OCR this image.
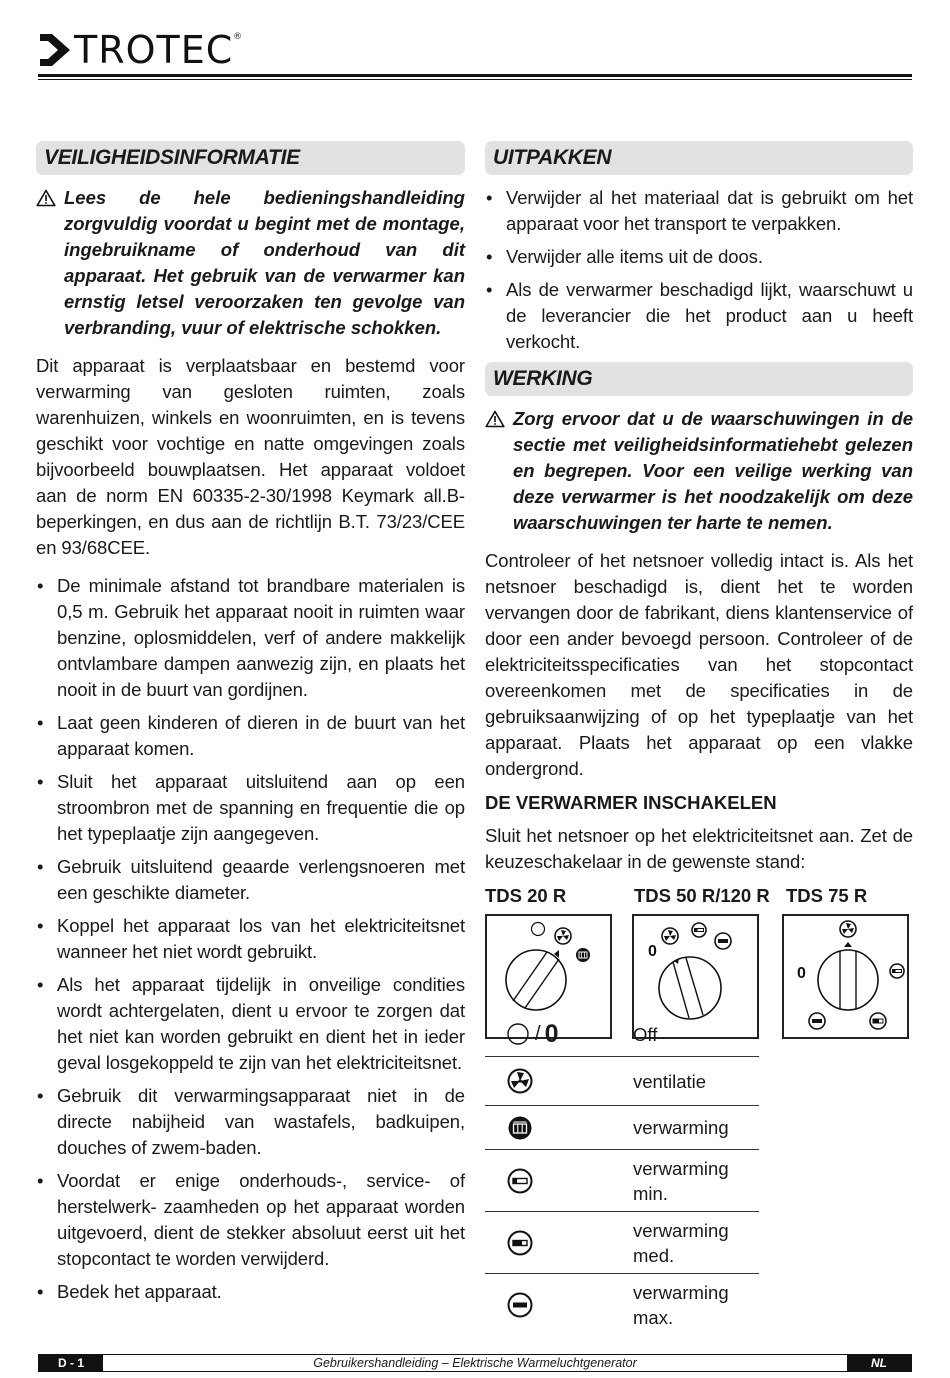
TROTEC ®
VEILIGHEIDSINFORMATIE
Lees de hele bedieningshandleiding zorgvuldig voordat u begint met de montage, ingebruikname of onderhoud van dit apparaat. Het gebruik van de verwarmer kan ernstig letsel veroorzaken ten gevolge van verbranding, vuur of elektrische schokken.

Dit apparaat is verplaatsbaar en bestemd voor verwarming van gesloten ruimten, zoals warenhuizen, winkels en woonruimten, en is tevens geschikt voor vochtige en natte omgevingen zoals bijvoorbeeld bouwplaatsen. Het apparaat voldoet aan de norm EN 60335-2-30/1998 Keymark all.B-beperkingen, en dus aan de richtlijn B.T. 73/23/CEE en 93/68CEE.

• De minimale afstand tot brandbare materialen is 0,5 m. Gebruik het apparaat nooit in ruimten waar benzine, oplosmiddelen, verf of andere makkelijk ontvlambare dampen aanwezig zijn, en plaats het nooit in de buurt van gordijnen.
• Laat geen kinderen of dieren in de buurt van het apparaat komen.
• Sluit het apparaat uitsluitend aan op een stroombron met de spanning en frequentie die op het typeplaatje zijn aangegeven.
• Gebruik uitsluitend geaarde verlengsnoeren met een geschikte diameter.
• Koppel het apparaat los van het elektriciteitsnet wanneer het niet wordt gebruikt.
• Als het apparaat tijdelijk in onveilige condities wordt achtergelaten, dient u ervoor te zorgen dat het niet kan worden gebruikt en dient het in ieder geval losgekoppeld te zijn van het elektriciteitsnet.
• Gebruik dit verwarmingsapparaat niet in de directe nabijheid van wastafels, badkuipen, douches of zwem-baden.
• Voordat er enige onderhouds-, service- of herstelwerk- zaamheden op het apparaat worden uitgevoerd, dient de stekker absoluut eerst uit het stopcontact te worden verwijderd.
• Bedek het apparaat.
UITPAKKEN
• Verwijder al het materiaal dat is gebruikt om het apparaat voor het transport te verpakken.
• Verwijder alle items uit de doos.
• Als de verwarmer beschadigd lijkt, waarschuwt u de leverancier die het product aan u heeft verkocht.
WERKING
Zorg ervoor dat u de waarschuwingen in de sectie met veiligheidsinformatiehebt gelezen en begrepen. Voor een veilige werking van deze verwarmer is het noodzakelijk om deze waarschuwingen ter harte te nemen.

Controleer of het netsnoer volledig intact is. Als het netsnoer beschadigd is, dient het te worden vervangen door de fabrikant, diens klantenservice of door een ander bevoegd persoon. Controleer of de elektriciteitsspecificaties van het stopcontact overeenkomen met de specificaties in de gebruiksaanwijzing of op het typeplaatje van het apparaat. Plaats het apparaat op een vlakke ondergrond.

DE VERWARMER INSCHAKELEN

Sluit het netsnoer op het elektriciteitsnet aan. Zet de keuzeschakelaar in de gewenste stand:

TDS 20 R	TDS 50 R/120 R TDS 75 R
0
0
/ 0	Off
ventilatie
verwarming
verwarming min.
verwarming med.
verwarming max.
D - 1	Gebruikershandleiding – Elektrische Warmeluchtgenerator	NL
